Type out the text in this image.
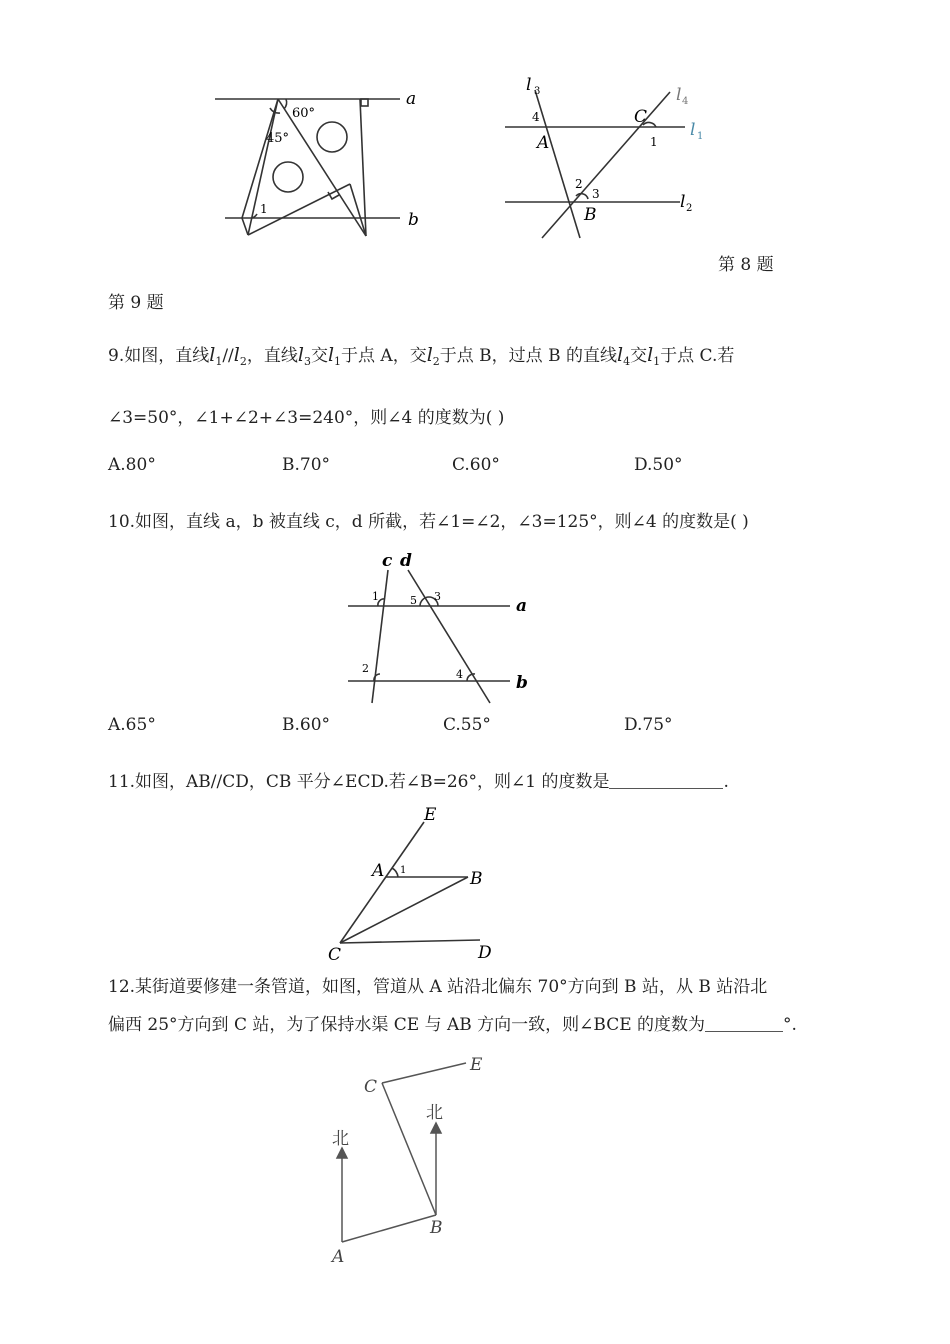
60°
45°
1
a
b
l 3	l 4
l 1
l 2
4
A
C
1
2
3
B
第 8 题
第 9 题
9.如图，直线$l_1//l_2$，直线$l_3$交$l_1$于点 A，交$l_2$于点 B，过点 B 的直线$l_4$交$l_1$于点 C.若
∠3=50°，∠1+∠2+∠3=240°，则∠4 的度数为( )
A.80°	B.70°	C.60°	D.50°
10.如图，直线 a，b 被直线 c，d 所截，若∠1=∠2，∠3=125°，则∠4 的度数是( )
c d
a
b
1	5 3
2	4
A.65°	B.60°	C.55°	D.75°
11.如图，AB//CD，CB 平分∠ECD.若∠B=26°，则∠1 的度数是	.
E
A 1	B
C	D
12.某街道要修建一条管道，如图，管道从 A 站沿北偏东 70°方向到 B 站，从 B 站沿北
偏西 25°方向到 C 站，为了保持水渠 CE 与 AB 方向一致，则∠BCE 的度数为	°.
C
E
北
北
B
A
